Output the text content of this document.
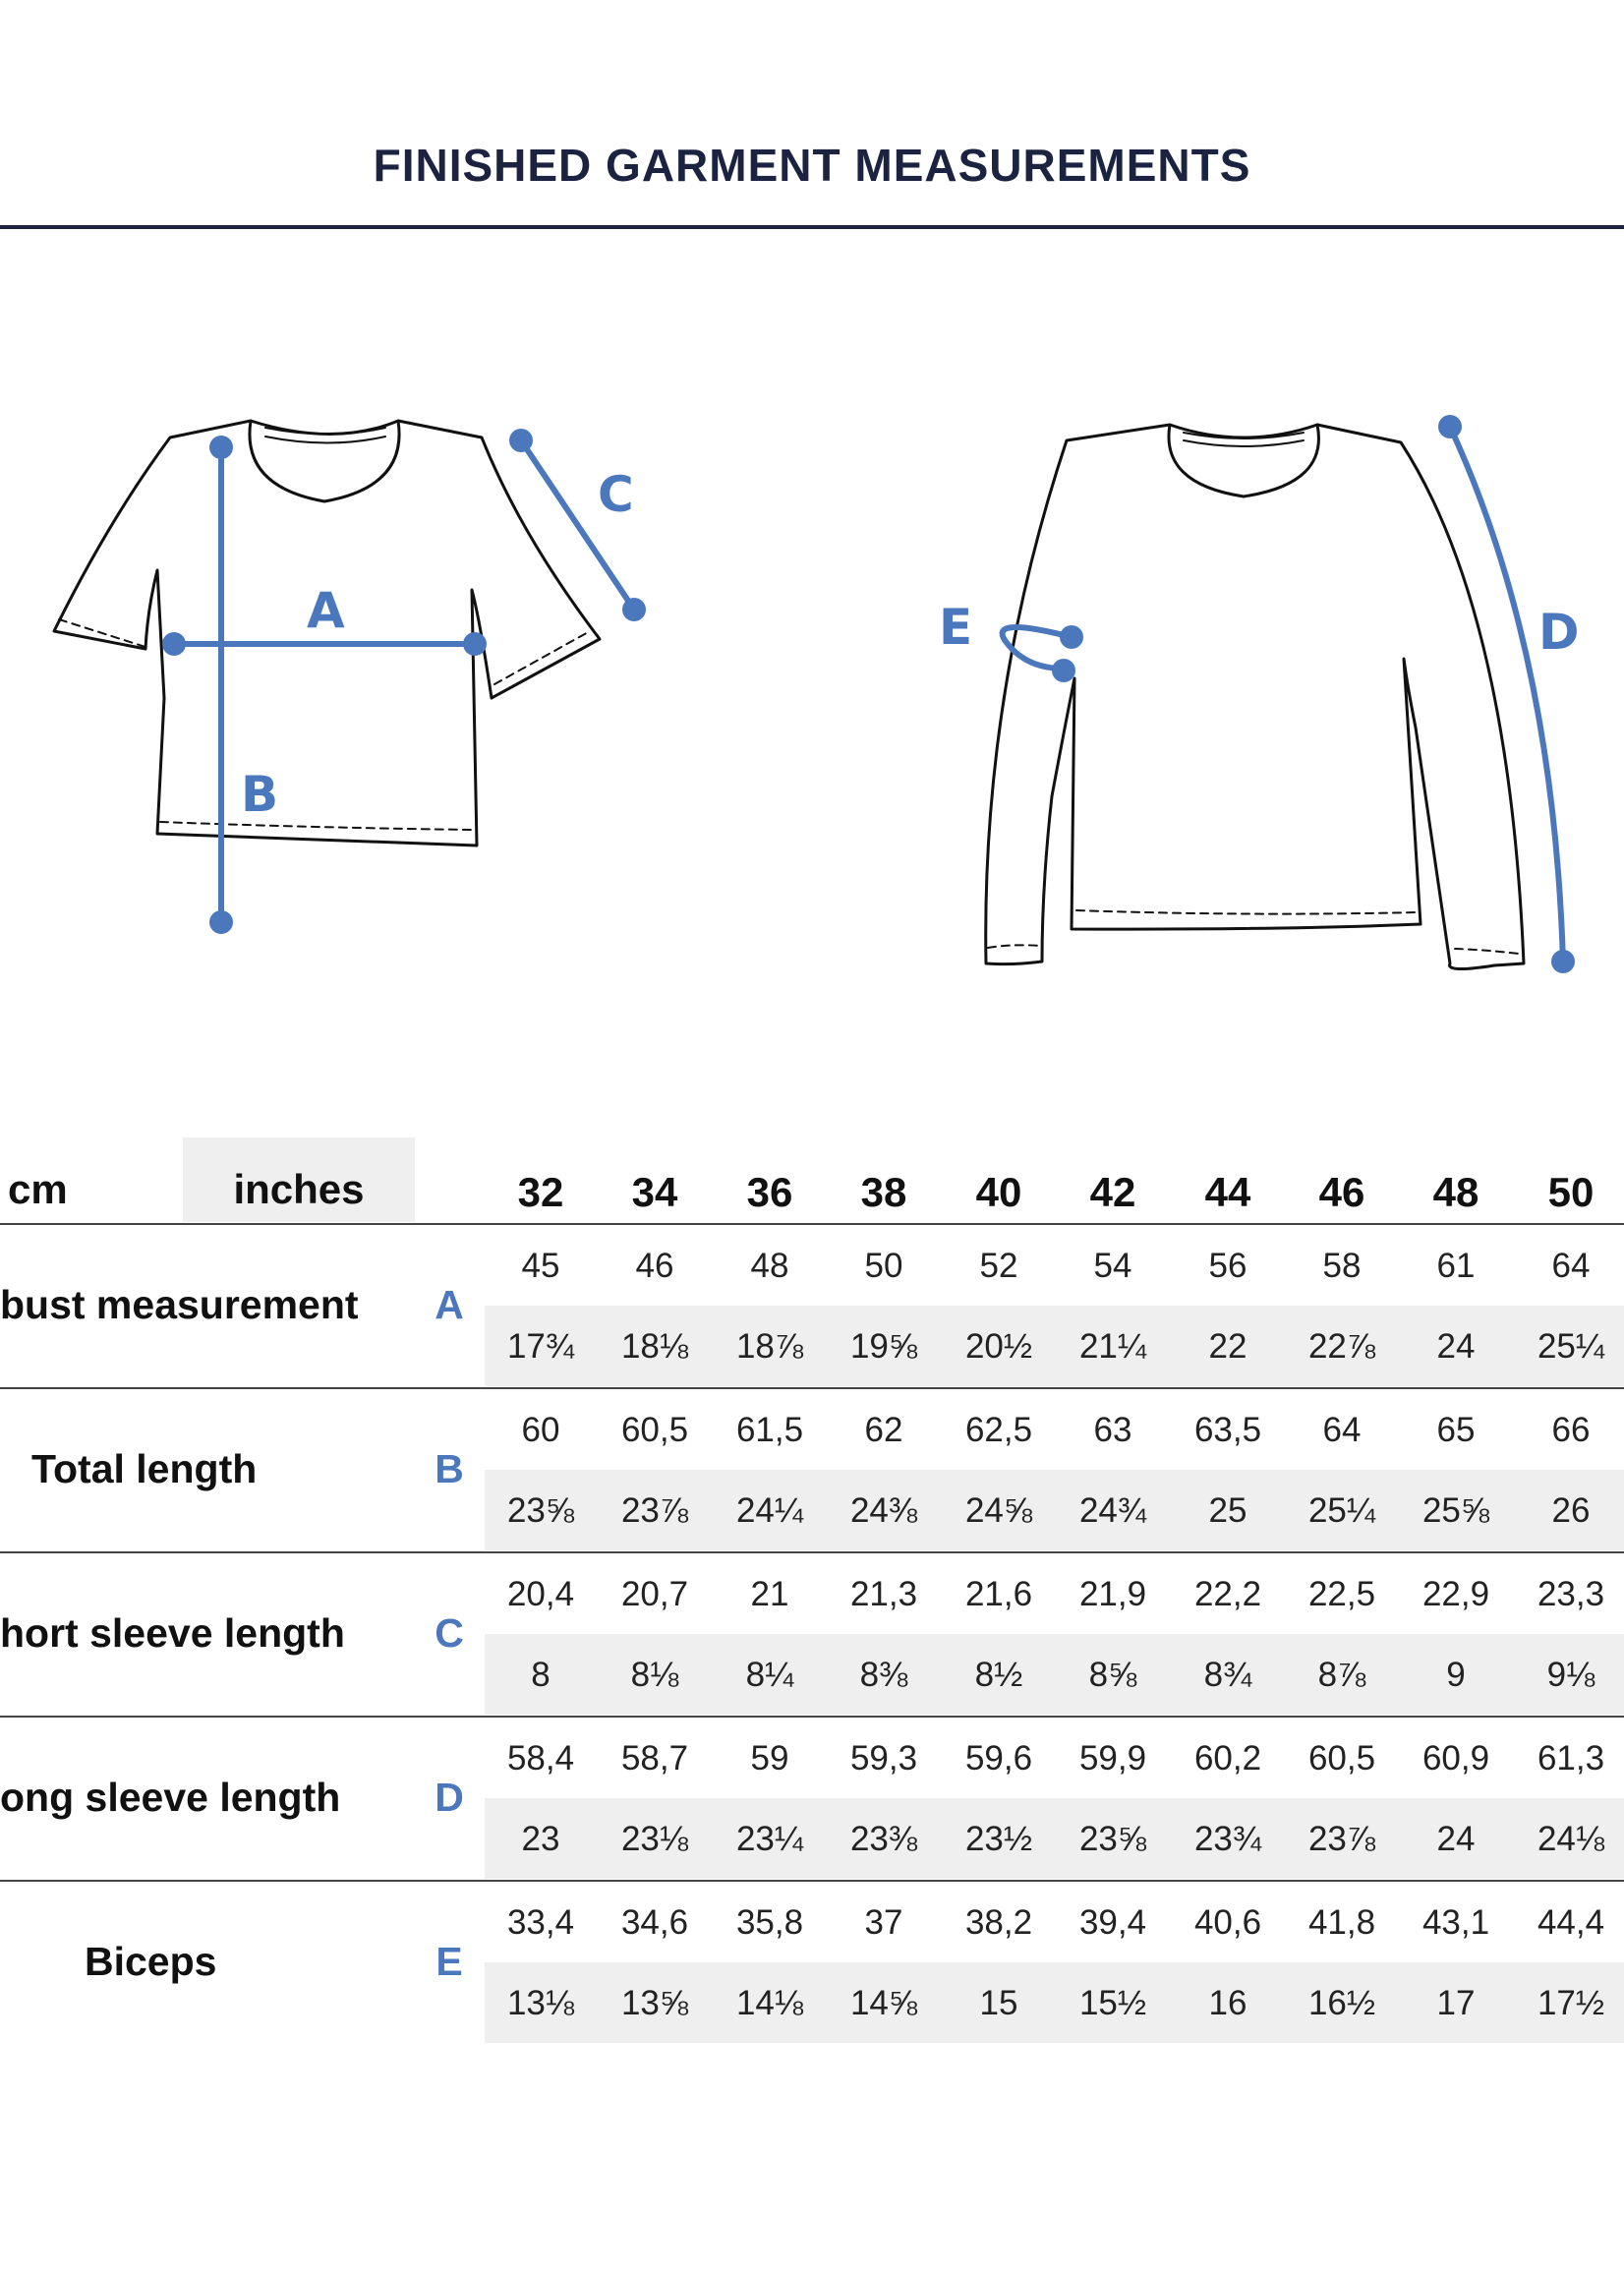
FINISHED GARMENT MEASUREMENTS
A
B
C
E	D
cm	inches	32	34	36	38	40	42	44	46	48	50
bust measurement A
45	46	48	50	52	54	56	58	61	64
17¾	18⅛	18⅞	19⅝	20½	21¼	22	22⅞	24	25¼
Total length	B
60	60,5	61,5	62	62,5	63	63,5	64	65	66
23⅝	23⅞	24¼	24⅜	24⅝	24¾	25	25¼	25⅝	26
hort sleeve length C
20,4	20,7	21	21,3	21,6	21,9	22,2	22,5	22,9	23,3
8	8⅛	8¼	8⅜	8½	8⅝	8¾	8⅞	9	9⅛
ong sleeve length D
58,4	58,7	59	59,3	59,6	59,9	60,2	60,5	60,9	61,3
23	23⅛	23¼	23⅜	23½	23⅝	23¾	23⅞	24	24⅛
Biceps	E
33,4	34,6	35,8	37	38,2	39,4	40,6	41,8	43,1	44,4
13⅛	13⅝	14⅛	14⅝	15	15½	16	16½	17	17½
